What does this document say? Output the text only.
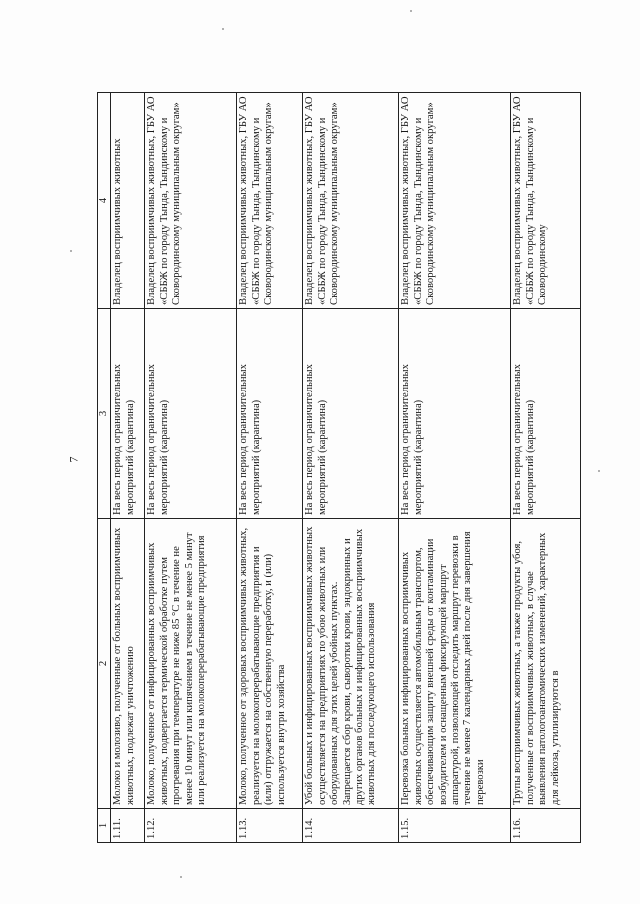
7
1	2	3	4
1.11.	Молоко и молозиво, полученные от больных восприимчивых животных, подлежат уничтожению	На весь период ограничительных мероприятий (карантина)	Владелец восприимчивых животных
1.12.	Молоко, полученное от инфицированных восприимчивых животных, подвергается термической обработке путем прогревания при температуре не ниже 85 °С в течение не менее 10 минут или кипячением в течение не менее 5 минут или реализуется на молокоперерабатывающие предприятия	На весь период ограничительных мероприятий (карантина)	Владелец восприимчивых животных, ГБУ АО «СББЖ по городу Тында, Тындинскому и Сковородинскому муниципальным округам»
1.13.	Молоко, полученное от здоровых восприимчивых животных, реализуется на молокоперерабатывающие предприятия и (или) отгружается на собственную переработку, и (или) используется внутри хозяйства	На весь период ограничительных мероприятий (карантина)	Владелец восприимчивых животных, ГБУ АО «СББЖ по городу Тында, Тындинскому и Сковородинскому муниципальным округам»
1.14.	Убой больных и инфицированных восприимчивых животных осуществляется на предприятиях по убою животных или оборудованных для этих целей убойных пунктах. Запрещается сбор крови, сыворотки крови, эндокринных и других органов больных и инфицированных восприимчивых животных для последующего использования	На весь период ограничительных мероприятий (карантина)	Владелец восприимчивых животных, ГБУ АО «СББЖ по городу Тында, Тындинскому и Сковородинскому муниципальным округам»
1.15.	Перевозка больных и инфицированных восприимчивых животных осуществляется автомобильным транспортом, обеспечивающим защиту внешней среды от контаминации возбудителем и оснащенным фиксирующей маршрут аппаратурой, позволяющей отследить маршрут перевозки в течение не менее 7 календарных дней после дня завершения перевозки	На весь период ограничительных мероприятий (карантина)	Владелец восприимчивых животных, ГБУ АО «СББЖ по городу Тында, Тындинскому и Сковородинскому муниципальным округам»
1.16.	Трупы восприимчивых животных, а также продукты убоя, полученные от восприимчивых животных, в случае выявления патологоанатомических изменений, характерных для лейкоза, утилизируются в	На весь период ограничительных мероприятий (карантина)	Владелец восприимчивых животных, ГБУ АО «СББЖ по городу Тында, Тындинскому и Сковородинскому
